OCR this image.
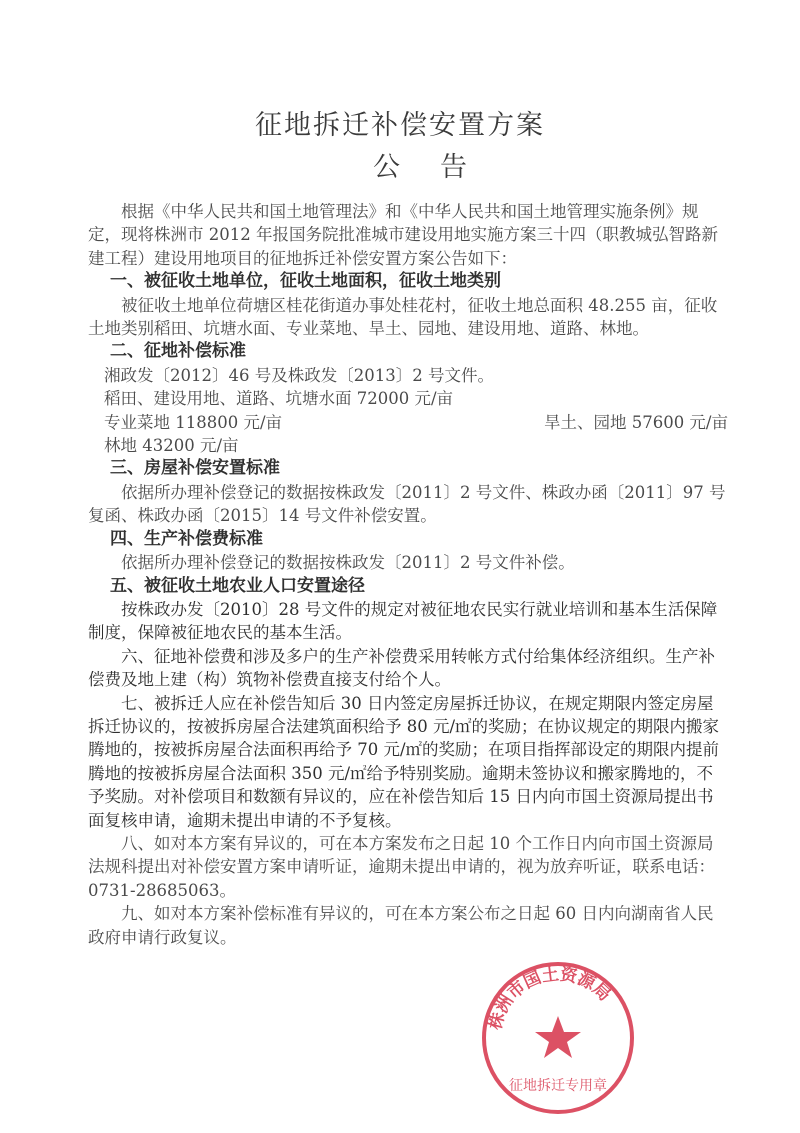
征地拆迁补偿安置方案
公告

根据《中华人民共和国土地管理法》和《中华人民共和国土地管理实施条例》规定，现将株洲市 2012 年报国务院批准城市建设用地实施方案三十四（职教城弘智路新建工程）建设用地项目的征地拆迁补偿安置方案公告如下：

一、被征收土地单位，征收土地面积，征收土地类别

被征收土地单位荷塘区桂花街道办事处桂花村，征收土地总面积 48.255 亩，征收土地类别稻田、坑塘水面、专业菜地、旱土、园地、建设用地、道路、林地。

二、征地补偿标准

湘政发〔2012〕46 号及株政发〔2013〕2 号文件。

稻田、建设用地、道路、坑塘水面 72000 元/亩

专业菜地 118800 元/亩	旱土、园地 57600 元/亩

林地 43200 元/亩

三、房屋补偿安置标准

依据所办理补偿登记的数据按株政发〔2011〕2 号文件、株政办函〔2011〕97 号复函、株政办函〔2015〕14 号文件补偿安置。

四、生产补偿费标准

依据所办理补偿登记的数据按株政发〔2011〕2 号文件补偿。

五、被征收土地农业人口安置途径

按株政办发〔2010〕28 号文件的规定对被征地农民实行就业培训和基本生活保障制度，保障被征地农民的基本生活。

六、征地补偿费和涉及多户的生产补偿费采用转帐方式付给集体经济组织。生产补偿费及地上建（构）筑物补偿费直接支付给个人。

七、被拆迁人应在补偿告知后 30 日内签定房屋拆迁协议，在规定期限内签定房屋拆迁协议的，按被拆房屋合法建筑面积给予 80 元/㎡的奖励；在协议规定的期限内搬家腾地的，按被拆房屋合法面积再给予 70 元/㎡的奖励；在项目指挥部设定的期限内提前腾地的按被拆房屋合法面积 350 元/㎡给予特别奖励。逾期未签协议和搬家腾地的，不予奖励。对补偿项目和数额有异议的，应在补偿告知后 15 日内向市国土资源局提出书面复核申请，逾期未提出申请的不予复核。

八、如对本方案有异议的，可在本方案发布之日起 10 个工作日内向市国土资源局法规科提出对补偿安置方案申请听证，逾期未提出申请的，视为放弃听证，联系电话：0731-28685063。

九、如对本方案补偿标准有异议的，可在本方案公布之日起 60 日内向湖南省人民政府申请行政复议。

株洲市国土资源局
征地拆迁专用章
